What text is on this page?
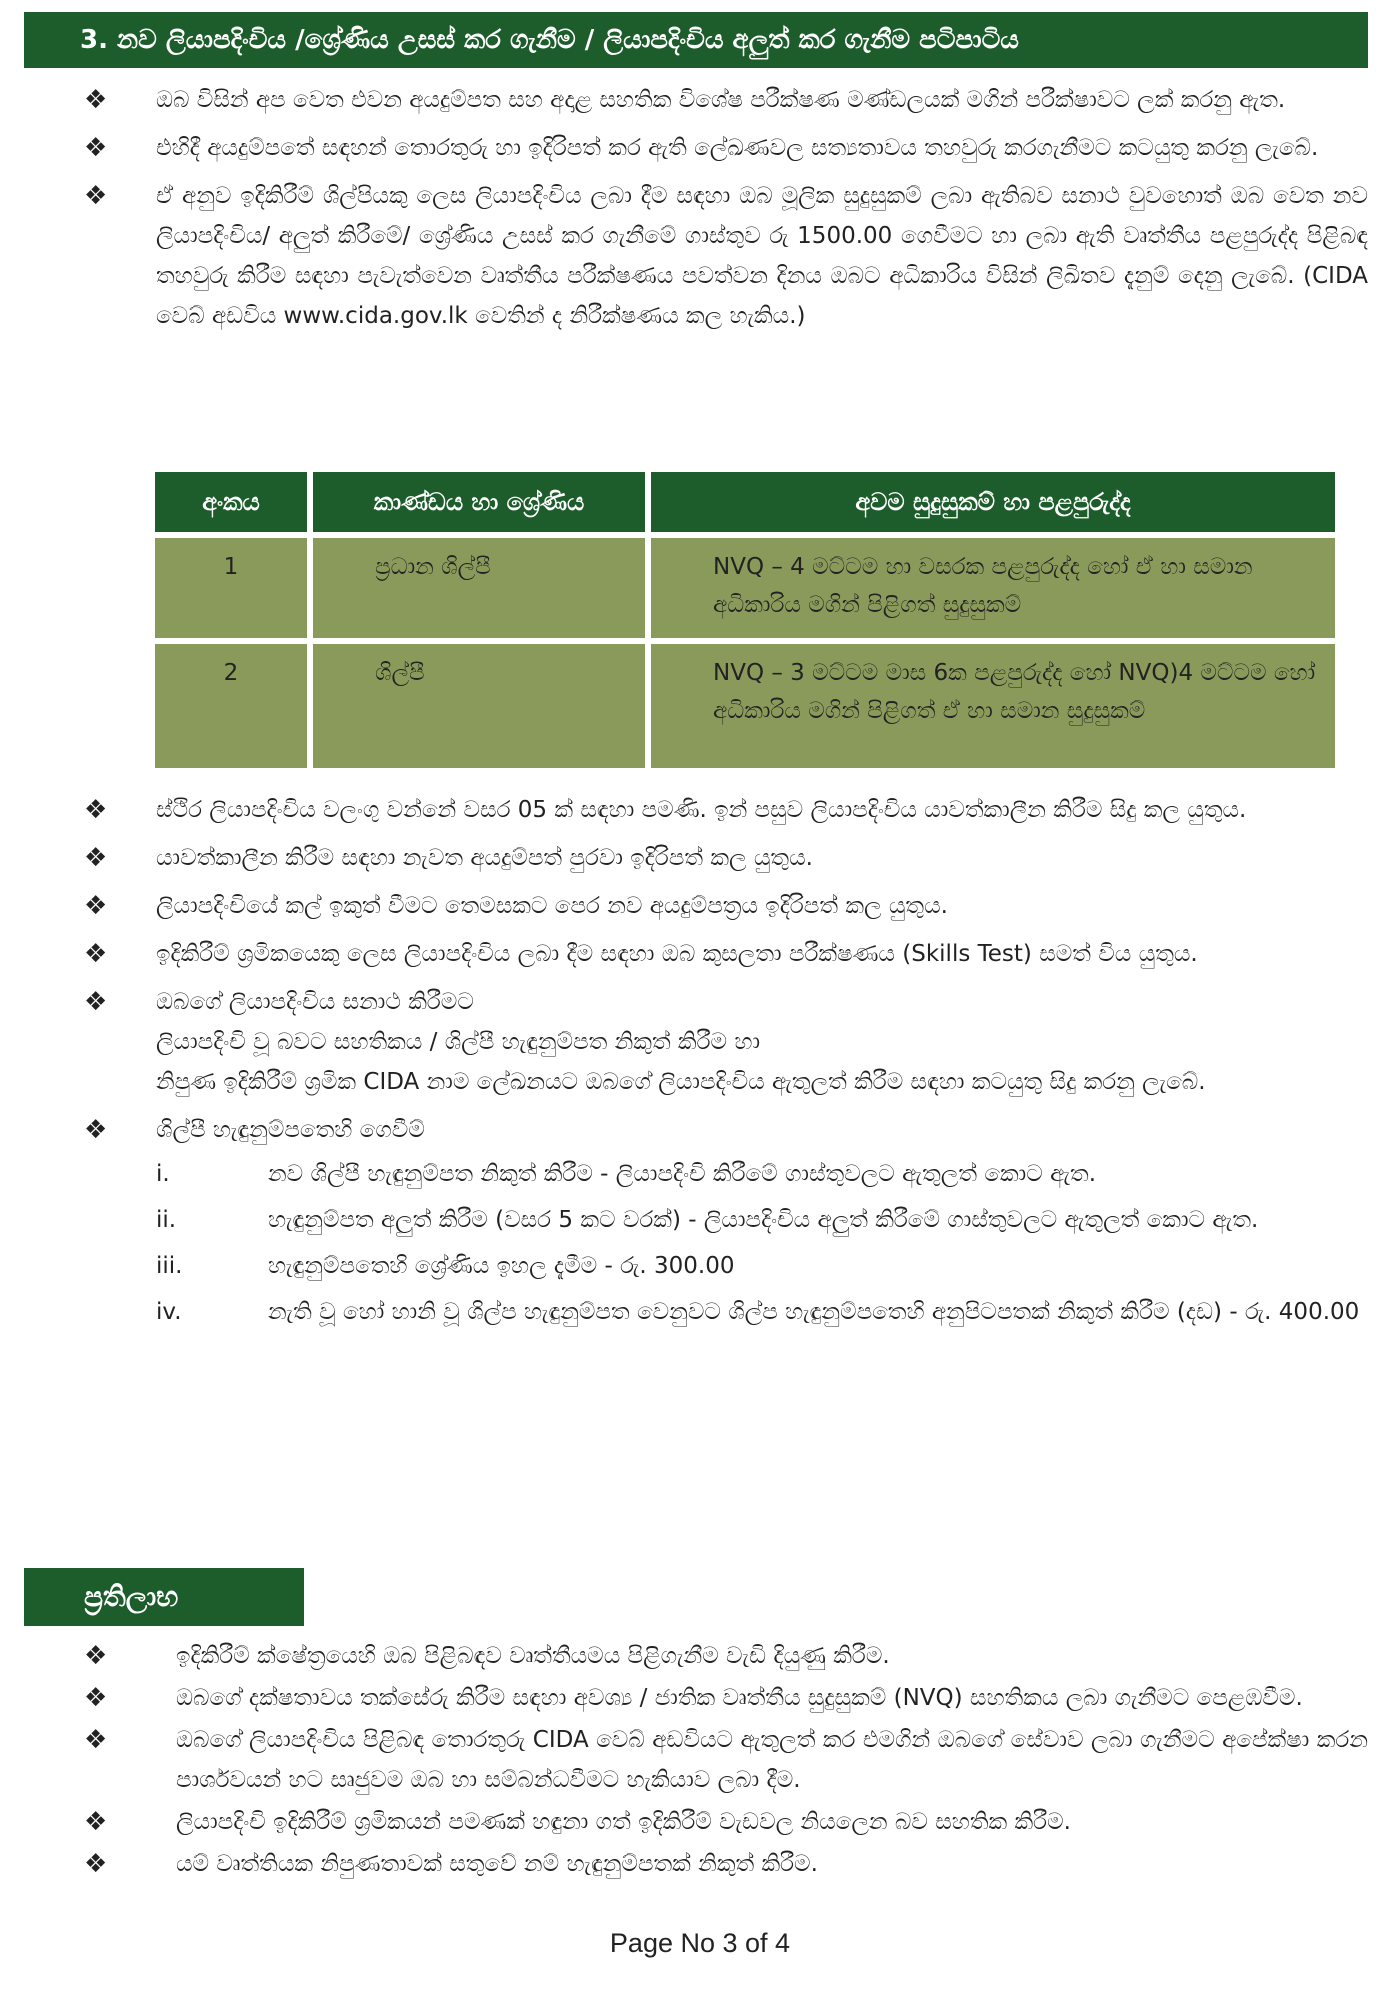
3. නව ලියාපදිංචිය /ශ්‍රේණිය උසස් කර ගැනීම / ලියාපදිංචිය අලුත් කර ගැනීම පටිපාටිය
❖	ඔබ විසින් අප වෙත එවන අයදුම්පත සහ අදාළ සහතික විශේෂ පරීක්ෂණ මණ්ඩලයක් මගින් පරීක්ෂාවට ලක් කරනු ඇත.
❖	එහිදී අයදුම්පතේ සඳහන් තොරතුරු හා ඉදිරිපත් කර ඇති ලේඛණවල සත්‍යතාවය තහවුරු කරගැනීමට කටයුතු කරනු ලැබේ.
❖	ඒ අනුව ඉදිකිරීම් ශිල්පියකු ලෙස ලියාපදිංචිය ලබා දීම සඳහා ඔබ මූලික සුදුසුකම් ලබා ඇතිබව සනාථ වුවහොත් ඔබ වෙත නව ලියාපදිංචිය/ අලුත් කිරීමේ/ ශ්‍රේණිය උසස් කර ගැනීමේ ගාස්තුව රු 1500.00 ගෙවීමට හා ලබා ඇති වෘත්තීය පළපුරුද්ද පිළිබඳ තහවුරු කිරීම සඳහා පැවැත්වෙන වෘත්තීය පරීක්ෂණය පවත්වන දිනය ඔබට අධිකාරිය විසින් ලිඛිතව දැනුම් දෙනු ලැබේ. (CIDA වෙබ් අඩවිය www.cida.gov.lk වෙතින් ද නිරීක්ෂණය කල හැකිය.)
අංකය	කාණ්ඩය හා ශ්‍රේණිය	අවම සුදුසුකම් හා පළපුරුද්ද
1	ප්‍රධාන ශිල්පී	NVQ – 4 මට්ටම හා වසරක පළපුරුද්ද හෝ ඒ හා සමාන අධිකාරිය මගින් පිළිගත් සුදුසුකම්
2	ශිල්පී	NVQ – 3 මට්ටම මාස 6ක පළපුරුද්ද හෝ NVQ)4 මට්ටම හෝ අධිකාරිය මගින් පිළිගත් ඒ හා සමාන සුදුසුකම්
❖	ස්ථිර ලියාපදිංචිය වලංගු වන්නේ වසර 05 ක් සඳහා පමණි. ඉන් පසුව ලියාපදිංචිය යාවත්කාලීන කිරීම සිදු කල යුතුය.
❖	යාවත්කාලීන කිරීම සඳහා නැවත අයදුම්පත් පුරවා ඉදිරිපත් කල යුතුය.
❖	ලියාපදිංචියේ කල් ඉකුත් වීමට තෙමසකට පෙර නව අයදුම්පත්‍රය ඉදිරිපත් කල යුතුය.
❖	ඉදිකිරීම් ශ්‍රමිකයෙකු ලෙස ලියාපදිංචිය ලබා දීම සඳහා ඔබ කුසලතා පරීක්ෂණය (Skills Test) සමත් විය යුතුය.
❖	ඔබගේ ලියාපදිංචිය සනාථ කිරීමට
ලියාපදිංචි වූ බවට සහතිකය / ශිල්පී හැඳුනුම්පත නිකුත් කිරීම හා
නිපුණ ඉදිකිරීම් ශ්‍රමික CIDA නාම ලේඛනයට ඔබගේ ලියාපදිංචිය ඇතුලත් කිරීම සඳහා කටයුතු සිදු කරනු ලැබේ.
❖	ශිල්පී හැඳුනුම්පතෙහි ගෙවීම්
i.	නව ශිල්පී හැඳුනුම්පත නිකුත් කිරීම - ලියාපදිංචි කිරීමේ ගාස්තුවලට ඇතුලත් කොට ඇත.
ii.	හැඳුනුම්පත අලුත් කිරීම (වසර 5 කට වරක්) - ලියාපදිංචිය අලුත් කිරීමේ ගාස්තුවලට ඇතුලත් කොට ඇත.
iii.	හැඳුනුම්පතෙහි ශ්‍රේණිය ඉහල දැමීම - රු. 300.00
iv.	නැති වූ හෝ හානි වූ ශිල්ප හැඳුනුම්පත වෙනුවට ශිල්ප හැඳුනුම්පතෙහි අනුපිටපතක් නිකුත් කිරීම (දඩ) - රු. 400.00
ප්‍රතිලාභ
❖	ඉදිකිරීම් ක්ෂේත්‍රයෙහි ඔබ පිළිබඳව වෘත්තීයමය පිළිගැනීම වැඩි දියුණු කිරීම.
❖	ඔබගේ දක්ෂතාවය තක්සේරු කිරීම සඳහා අවශ්‍ය / ජාතික වෘත්තීය සුදුසුකම් (NVQ) සහතිකය ලබා ගැනීමට පෙළඹවීම.
❖	ඔබගේ ලියාපදිංචිය පිළිබඳ තොරතුරු CIDA වෙබ් අඩවියට ඇතුලත් කර එමගින් ඔබගේ සේවාව ලබා ගැනීමට අපේක්ෂා කරන පාර්ශවයන් හට සෘජුවම ඔබ හා සම්බන්ධවීමට හැකියාව ලබා දීම.
❖	ලියාපදිංචි ඉදිකිරීම් ශ්‍රමිකයන් පමණක් හඳුනා ගත් ඉදිකිරීම් වැඩවල නියලෙන බව සහතික කිරීම.
❖	යම් වෘත්තියක නිපුණතාවක් සතුවේ නම් හැඳුනුම්පතක් නිකුත් කිරීම.
Page No 3 of 4
